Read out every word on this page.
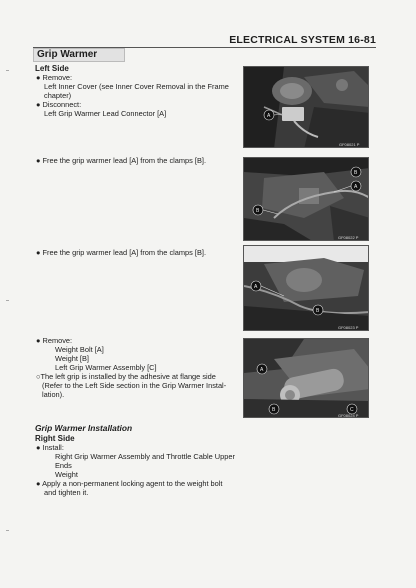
ELECTRICAL SYSTEM 16-81
Grip Warmer
Left Side
● Remove:
Left Inner Cover (see Inner Cover Removal in the Frame
chapter)
● Disconnect:
Left Grip Warmer Lead Connector [A]
● Free the grip warmer lead [A] from the clamps [B].
● Free the grip warmer lead [A] from the clamps [B].
● Remove:
Weight Bolt [A]
Weight [B]
Left Grip Warmer Assembly [C]
○The left grip is installed by the adhesive at flange side
(Refer to the Left Side section in the Grip Warmer Instal-
lation).
Grip Warmer Installation
Right Side
● Install:
Right Grip Warmer Assembly and Throttle Cable Upper
Ends
Weight
● Apply a non-permanent locking agent to the weight bolt
and tighten it.
A
GF08021 P
B
A
B
GF08022 P
A
B
GF08023 P
A
B	C
GF08024 P
